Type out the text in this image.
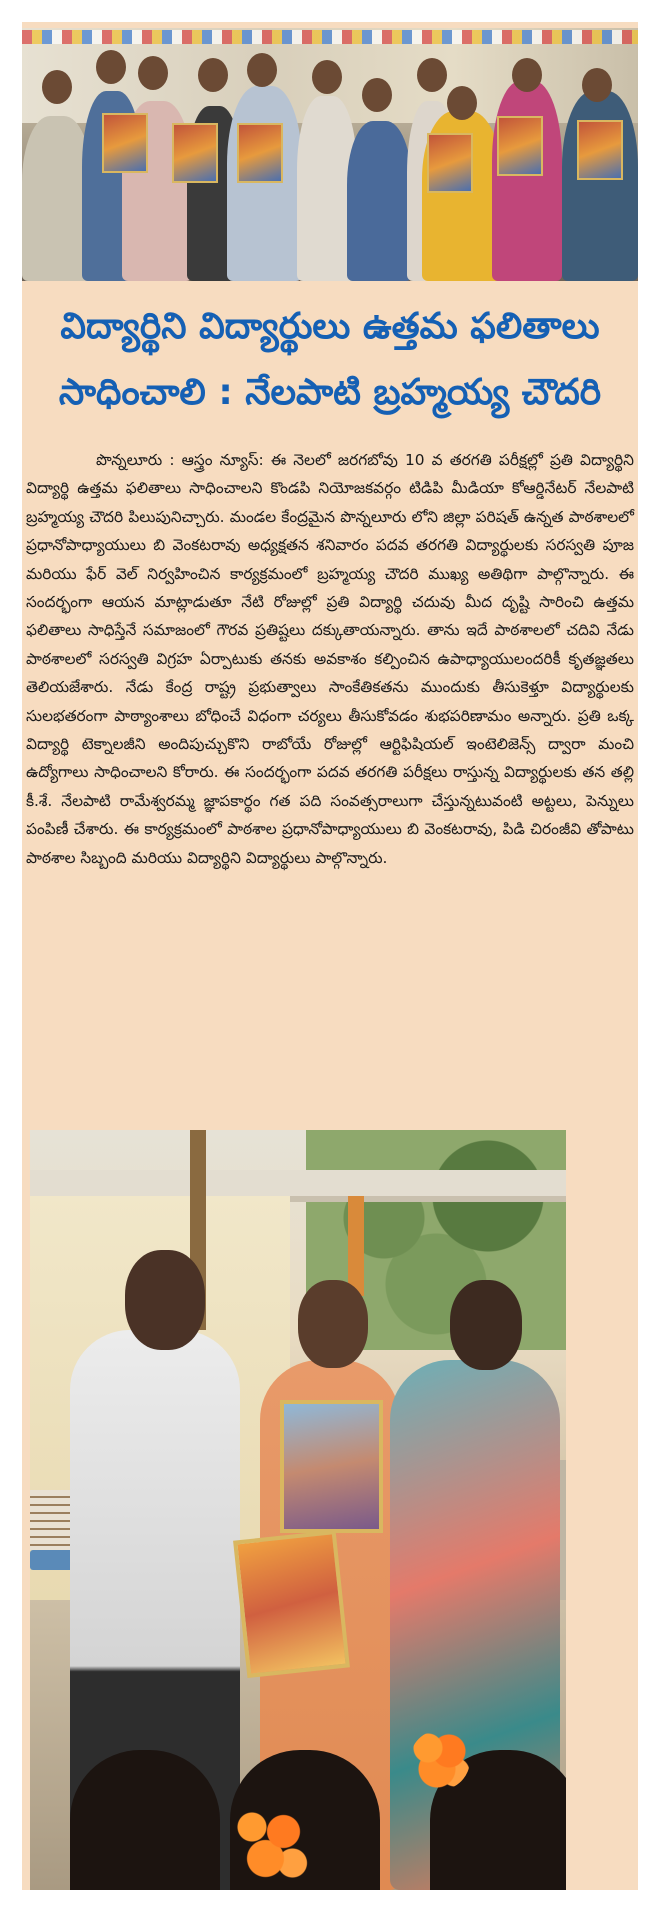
విద్యార్థిని విద్యార్థులు ఉత్తమ ఫలితాలు
సాధించాలి : నేలపాటి బ్రహ్మయ్య చౌదరి
పొన్నలూరు : ఆస్త్రం న్యూస్: ఈ నెలలో జరగబోవు 10 వ తరగతి పరీక్షల్లో ప్రతి విద్యార్థిని విద్యార్థి ఉత్తమ ఫలితాలు సాధించాలని కొండపి నియోజకవర్గం టిడిపి మీడియా కోఆర్డినేటర్ నేలపాటి బ్రహ్మయ్య చౌదరి పిలుపునిచ్చారు. మండల కేంద్రమైన పొన్నలూరు లోని జిల్లా పరిషత్ ఉన్నత పాఠశాలలో ప్రధానోపాధ్యాయులు బి వెంకటరావు అధ్యక్షతన శనివారం పదవ తరగతి విద్యార్థులకు సరస్వతి పూజ మరియు ఫేర్ వెల్ నిర్వహించిన కార్యక్రమంలో బ్రహ్మయ్య చౌదరి ముఖ్య అతిథిగా పాల్గొన్నారు. ఈ సందర్భంగా ఆయన మాట్లాడుతూ నేటి రోజుల్లో ప్రతి విద్యార్థి చదువు మీద దృష్టి సారించి ఉత్తమ ఫలితాలు సాధిస్తేనే సమాజంలో గౌరవ ప్రతిష్టలు దక్కుతాయన్నారు. తాను ఇదే పాఠశాలలో చదివి నేడు పాఠశాలలో సరస్వతి విగ్రహ ఏర్పాటుకు తనకు అవకాశం కల్పించిన ఉపాధ్యాయులందరికీ కృతజ్ఞతలు తెలియజేశారు. నేడు కేంద్ర రాష్ట్ర ప్రభుత్వాలు సాంకేతికతను ముందుకు తీసుకెళ్తూ విద్యార్థులకు సులభతరంగా పాఠ్యాంశాలు బోధించే విధంగా చర్యలు తీసుకోవడం శుభపరిణామం అన్నారు. ప్రతి ఒక్క విద్యార్థి టెక్నాలజీని అందిపుచ్చుకొని రాబోయే రోజుల్లో ఆర్టిఫిషియల్ ఇంటెలిజెన్స్ ద్వారా మంచి ఉద్యోగాలు సాధించాలని కోరారు. ఈ సందర్భంగా పదవ తరగతి పరీక్షలు రాస్తున్న విద్యార్థులకు తన తల్లి కీ.శే. నేలపాటి రామేశ్వరమ్మ జ్ఞాపకార్థం గత పది సంవత్సరాలుగా చేస్తున్నటువంటి అట్టలు, పెన్నులు పంపిణీ చేశారు. ఈ కార్యక్రమంలో పాఠశాల ప్రధానోపాధ్యాయులు బి వెంకటరావు, పిడి చిరంజీవి తోపాటు పాఠశాల సిబ్బంది మరియు విద్యార్థిని విద్యార్థులు పాల్గొన్నారు.
